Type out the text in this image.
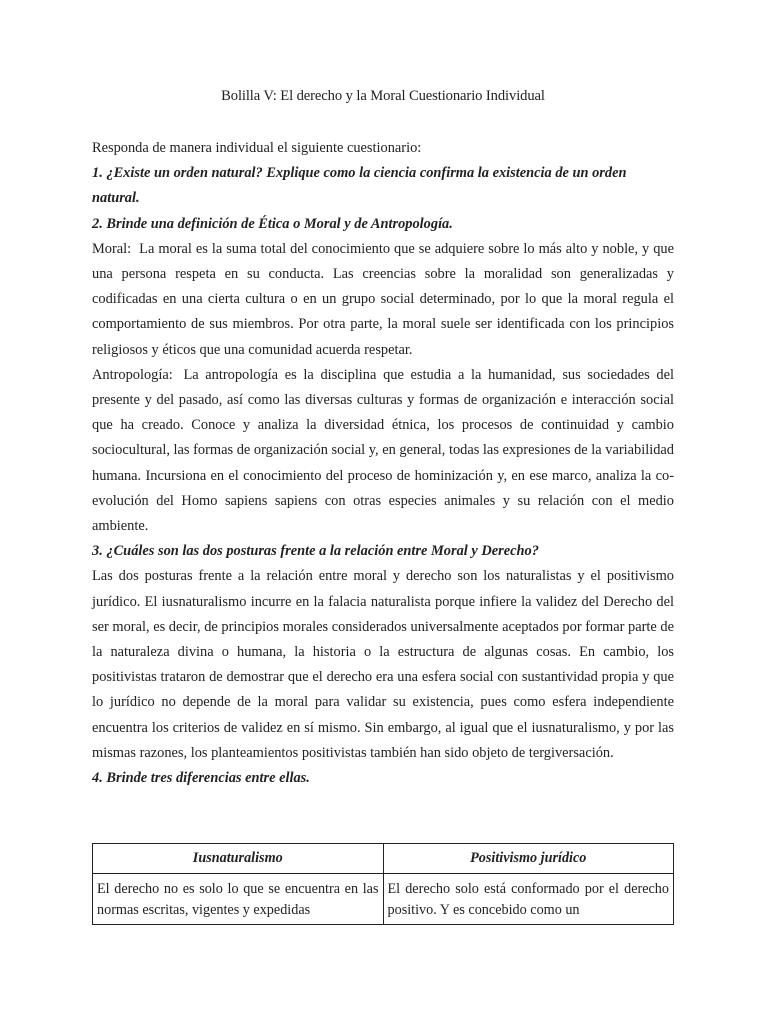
Bolilla V: El derecho y la Moral Cuestionario Individual

Responda de manera individual el siguiente cuestionario:

1. ¿Existe un orden natural? Explique como la ciencia confirma la existencia de un orden natural.

2. Brinde una definición de Ética o Moral y de Antropología.

Moral: La moral es la suma total del conocimiento que se adquiere sobre lo más alto y noble, y que una persona respeta en su conducta. Las creencias sobre la moralidad son generalizadas y codificadas en una cierta cultura o en un grupo social determinado, por lo que la moral regula el comportamiento de sus miembros. Por otra parte, la moral suele ser identificada con los principios religiosos y éticos que una comunidad acuerda respetar.

Antropología: La antropología es la disciplina que estudia a la humanidad, sus sociedades del presente y del pasado, así como las diversas culturas y formas de organización e interacción social que ha creado. Conoce y analiza la diversidad étnica, los procesos de continuidad y cambio sociocultural, las formas de organización social y, en general, todas las expresiones de la variabilidad humana. Incursiona en el conocimiento del proceso de hominización y, en ese marco, analiza la co-evolución del Homo sapiens sapiens con otras especies animales y su relación con el medio ambiente.

3. ¿Cuáles son las dos posturas frente a la relación entre Moral y Derecho?

Las dos posturas frente a la relación entre moral y derecho son los naturalistas y el positivismo jurídico. El iusnaturalismo incurre en la falacia naturalista porque infiere la validez del Derecho del ser moral, es decir, de principios morales considerados universalmente aceptados por formar parte de la naturaleza divina o humana, la historia o la estructura de algunas cosas. En cambio, los positivistas trataron de demostrar que el derecho era una esfera social con sustantividad propia y que lo jurídico no depende de la moral para validar su existencia, pues como esfera independiente encuentra los criterios de validez en sí mismo. Sin embargo, al igual que el iusnaturalismo, y por las mismas razones, los planteamientos positivistas también han sido objeto de tergiversación.

4. Brinde tres diferencias entre ellas.

Iusnaturalismo	Positivismo jurídico

El derecho no es solo lo que se encuentra en las normas escritas, vigentes y expedidas	El derecho solo está conformado por el derecho positivo. Y es concebido como un
